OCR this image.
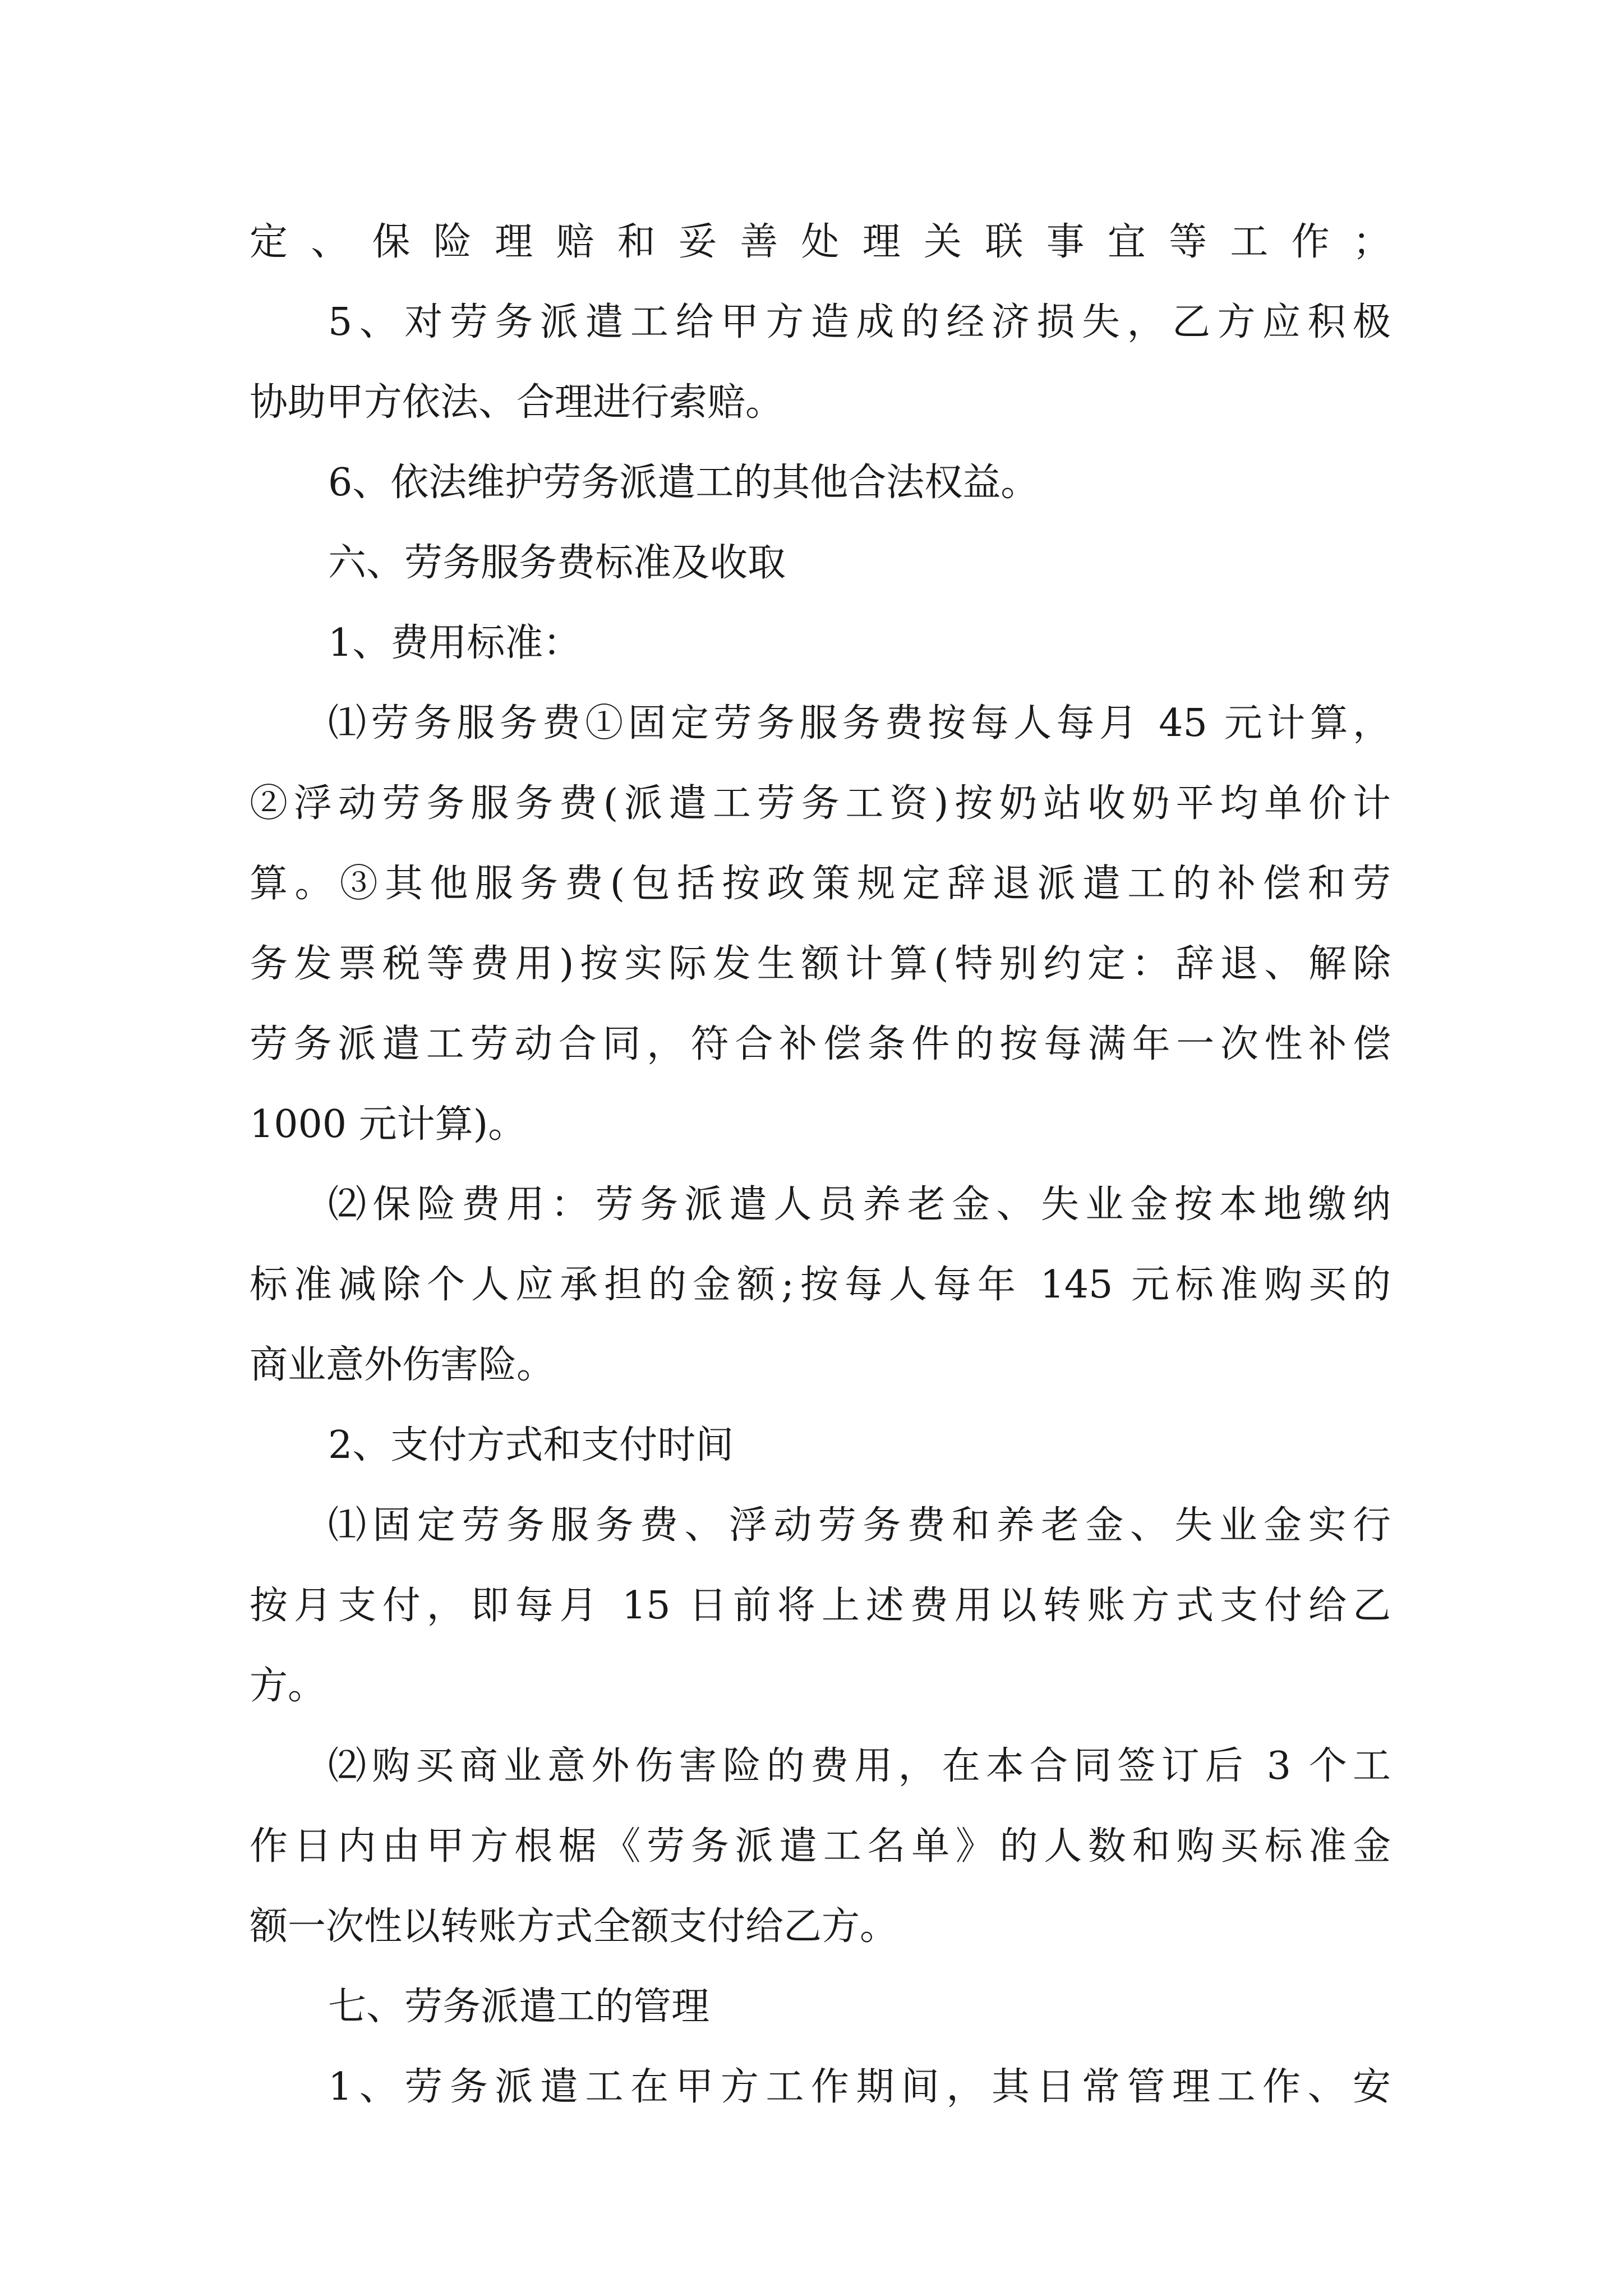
定、保险理赔和妥善处理关联事宜等工作；
5、对劳务派遣工给甲方造成的经济损失，乙方应积极
协助甲方依法、合理进行索赔。
6、依法维护劳务派遣工的其他合法权益。
六、劳务服务费标准及收取
1、费用标准：
⑴劳务服务费①固定劳务服务费按每人每月 45 元计算，
②浮动劳务服务费(派遣工劳务工资)按奶站收奶平均单价计
算。③其他服务费(包括按政策规定辞退派遣工的补偿和劳
务发票税等费用)按实际发生额计算(特别约定：辞退、解除
劳务派遣工劳动合同，符合补偿条件的按每满年一次性补偿
1000 元计算)。
⑵保险费用：劳务派遣人员养老金、失业金按本地缴纳
标准减除个人应承担的金额;按每人每年 145 元标准购买的
商业意外伤害险。
2、支付方式和支付时间
⑴固定劳务服务费、浮动劳务费和养老金、失业金实行
按月支付，即每月 15 日前将上述费用以转账方式支付给乙
方。
⑵购买商业意外伤害险的费用，在本合同签订后 3 个工
作日内由甲方根椐《劳务派遣工名单》的人数和购买标准金
额一次性以转账方式全额支付给乙方。
七、劳务派遣工的管理
1、劳务派遣工在甲方工作期间，其日常管理工作、安
